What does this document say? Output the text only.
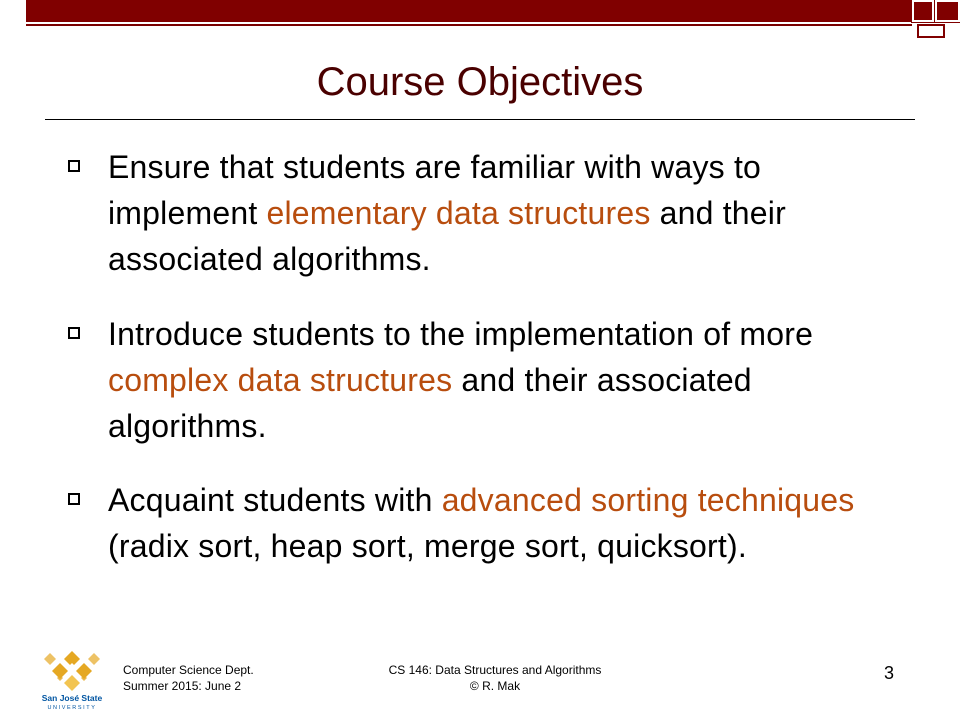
Course Objectives
Ensure that students are familiar with ways to implement elementary data structures and their associated algorithms.
Introduce students to the implementation of more complex data structures and their associated algorithms.
Acquaint students with advanced sorting techniques (radix sort, heap sort, merge sort, quicksort).
San José State
UNIVERSITY
Computer Science Dept.
Summer 2015: June 2
CS 146: Data Structures and Algorithms
© R. Mak
3
